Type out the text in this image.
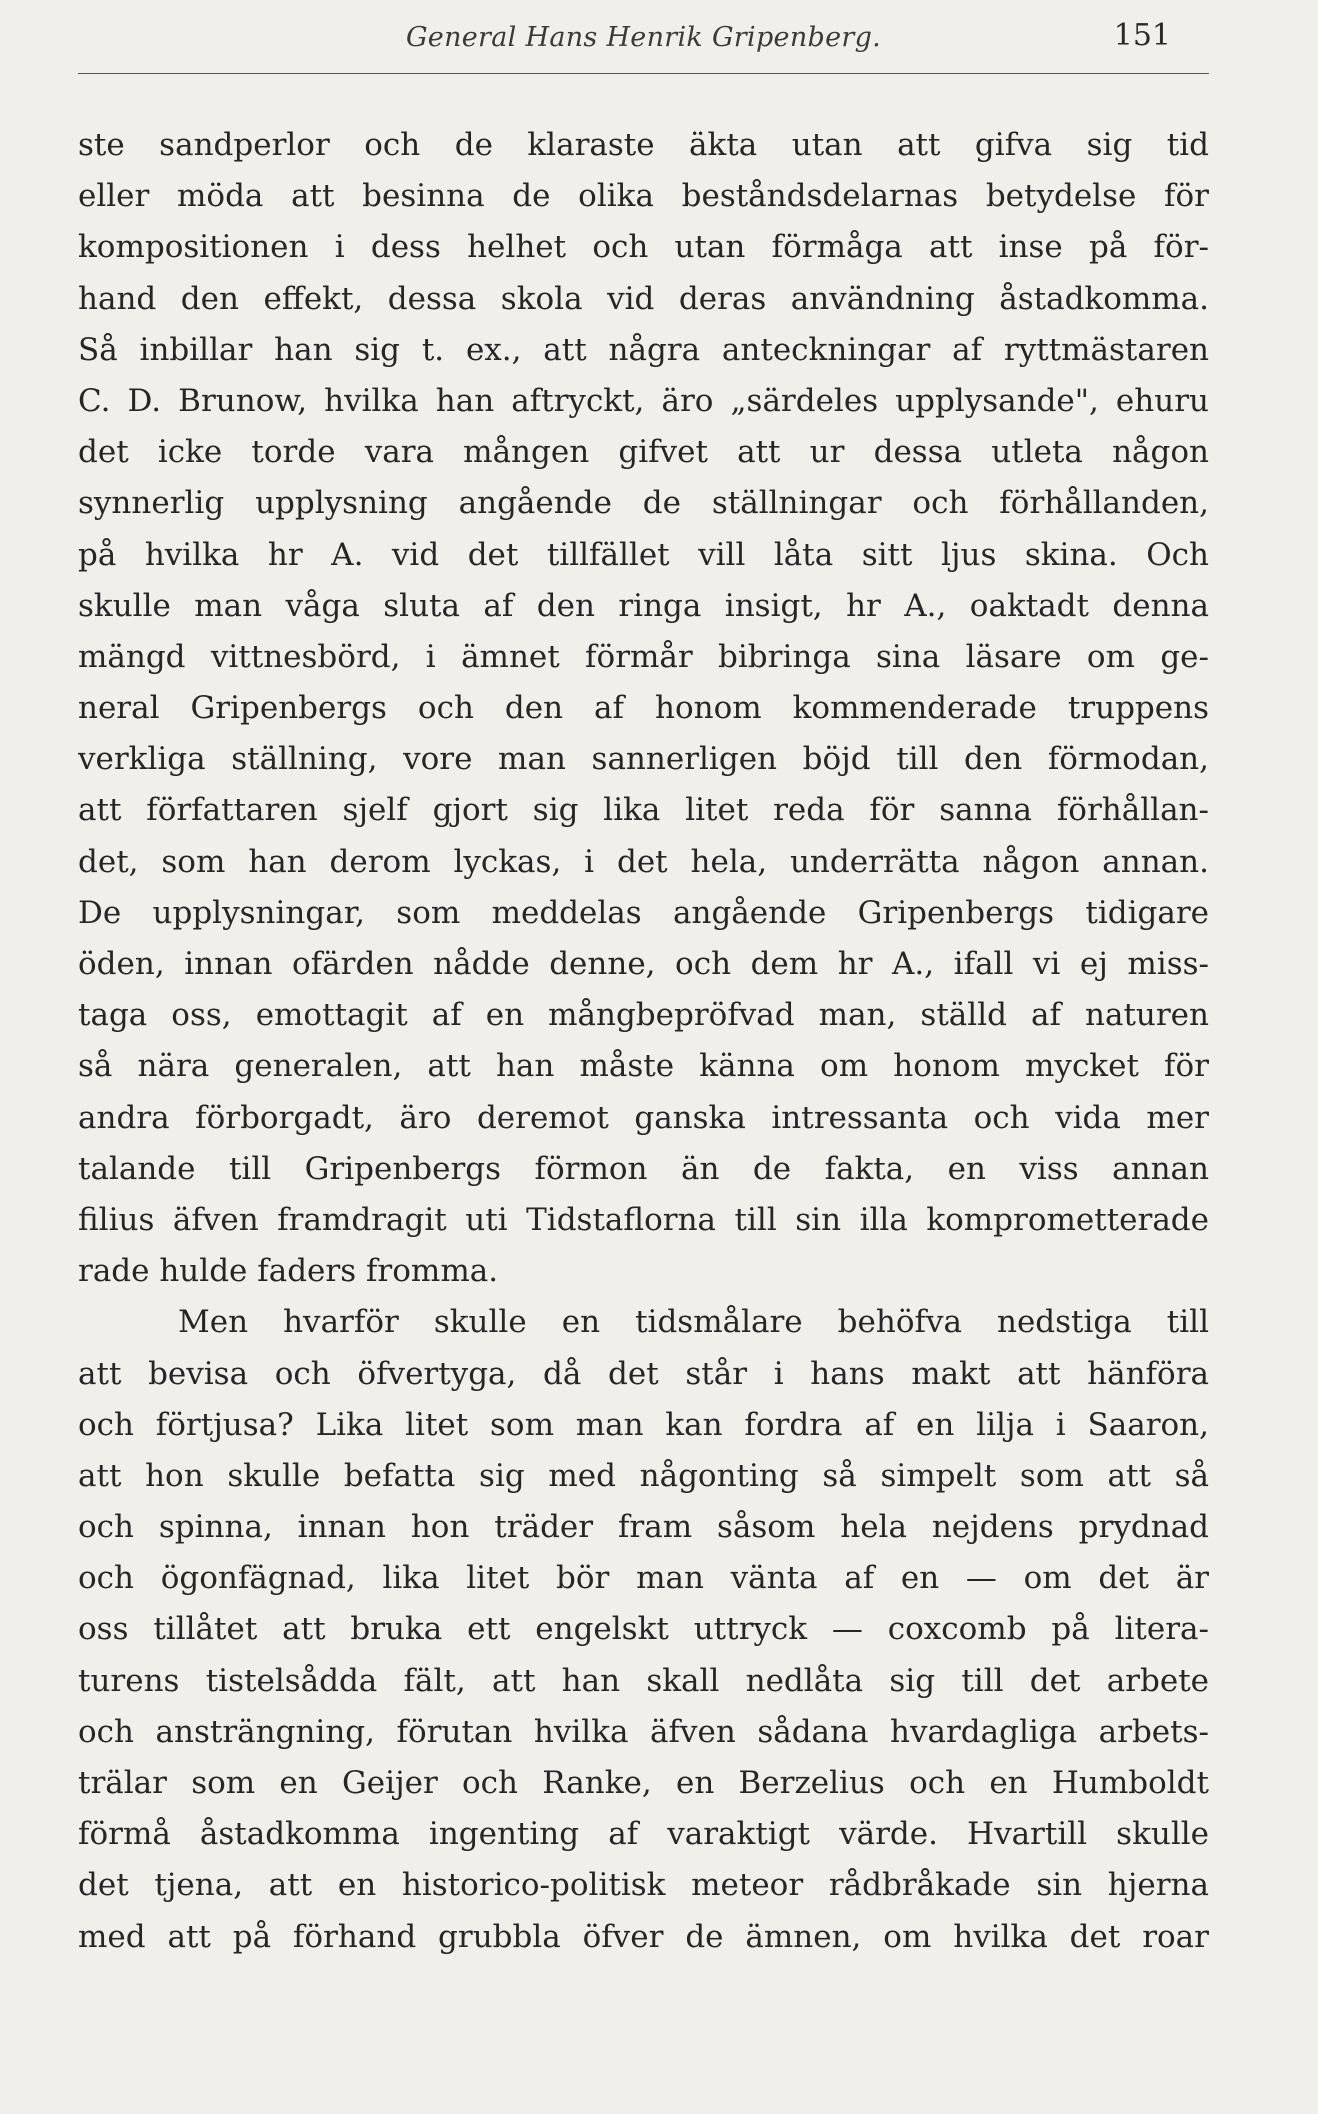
General Hans Henrik Gripenberg.	151
ste sandperlor och de klaraste äkta utan att gifva sig tid
eller möda att besinna de olika beståndsdelarnas betydelse för
kompositionen i dess helhet och utan förmåga att inse på för-
hand den effekt, dessa skola vid deras användning åstadkomma.
Så inbillar han sig t. ex., att några anteckningar af ryttmästaren
C. D. Brunow, hvilka han aftryckt, äro „särdeles upplysande", ehuru
det icke torde vara mången gifvet att ur dessa utleta någon
synnerlig upplysning angående de ställningar och förhållanden,
på hvilka hr A. vid det tillfället vill låta sitt ljus skina. Och
skulle man våga sluta af den ringa insigt, hr A., oaktadt denna
mängd vittnesbörd, i ämnet förmår bibringa sina läsare om ge-
neral Gripenbergs och den af honom kommenderade truppens
verkliga ställning, vore man sannerligen böjd till den förmodan,
att författaren sjelf gjort sig lika litet reda för sanna förhållan-
det, som han derom lyckas, i det hela, underrätta någon annan.
De upplysningar, som meddelas angående Gripenbergs tidigare
öden, innan ofärden nådde denne, och dem hr A., ifall vi ej miss-
taga oss, emottagit af en mångbepröfvad man, ställd af naturen
så nära generalen, att han måste känna om honom mycket för
andra förborgadt, äro deremot ganska intressanta och vida mer
talande till Gripenbergs förmon än de fakta, en viss annan
filius äfven framdragit uti Tidstaflorna till sin illa komprometterade
rade hulde faders fromma.
Men hvarför skulle en tidsmålare behöfva nedstiga till
att bevisa och öfvertyga, då det står i hans makt att hänföra
och förtjusa? Lika litet som man kan fordra af en lilja i Saaron,
att hon skulle befatta sig med någonting så simpelt som att så
och spinna, innan hon träder fram såsom hela nejdens prydnad
och ögonfägnad, lika litet bör man vänta af en — om det är
oss tillåtet att bruka ett engelskt uttryck — coxcomb på litera-
turens tistelsådda fält, att han skall nedlåta sig till det arbete
och ansträngning, förutan hvilka äfven sådana hvardagliga arbets-
trälar som en Geijer och Ranke, en Berzelius och en Humboldt
förmå åstadkomma ingenting af varaktigt värde. Hvartill skulle
det tjena, att en historico-politisk meteor rådbråkade sin hjerna
med att på förhand grubbla öfver de ämnen, om hvilka det roar
